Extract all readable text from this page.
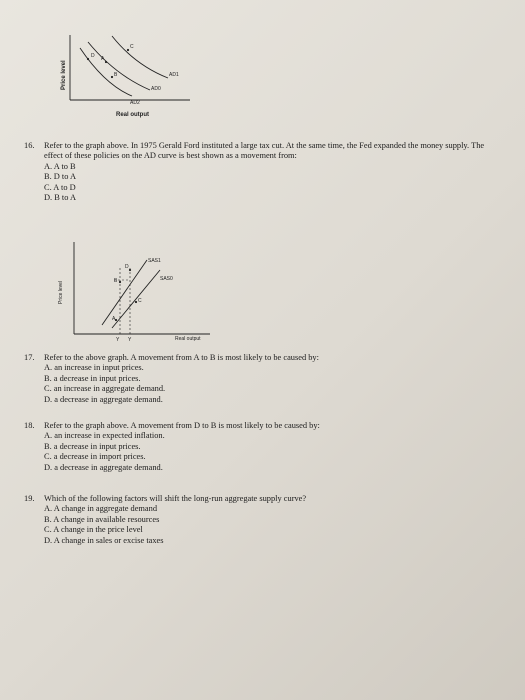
D A
C
B	AD1
AD0
AD2
Real output
Price level
16. Refer to the graph above. In 1975 Gerald Ford instituted a large tax cut. At the same time, the Fed expanded the money supply. The effect of these policies on the AD curve is best shown as a movement from:
A. A to B
B. D to A
C. A to D
D. B to A
D
B
C
A
SAS1
SAS0
Y Y	Real output
Price level
17. Refer to the above graph. A movement from A to B is most likely to be caused by:
A. an increase in input prices.
B. a decrease in input prices.
C. an increase in aggregate demand.
D. a decrease in aggregate demand.
18. Refer to the graph above. A movement from D to B is most likely to be caused by:
A. an increase in expected inflation.
B. a decrease in input prices.
C. a decrease in import prices.
D. a decrease in aggregate demand.
19. Which of the following factors will shift the long-run aggregate supply curve?
A. A change in aggregate demand
B. A change in available resources
C. A change in the price level
D. A change in sales or excise taxes
